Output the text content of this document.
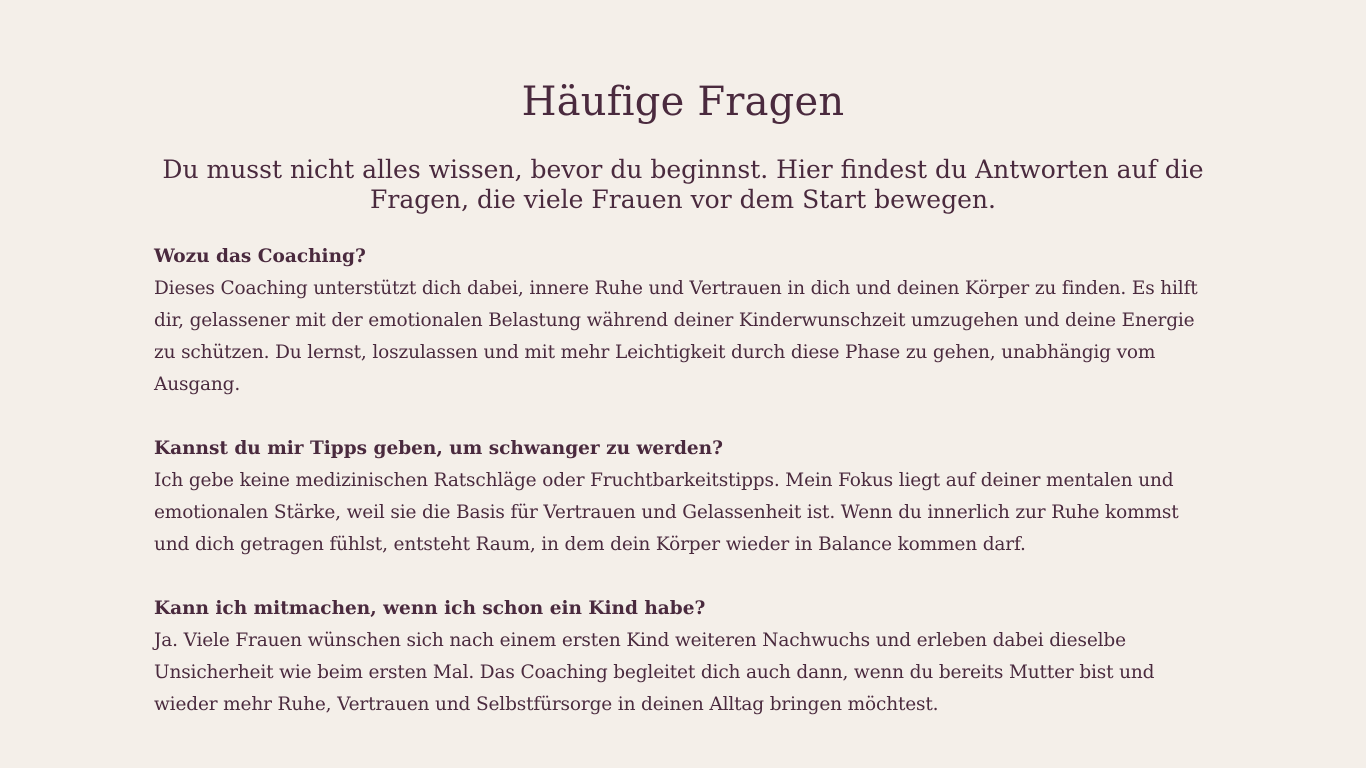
Häufige Fragen

Du musst nicht alles wissen, bevor du beginnst. Hier findest du Antworten auf die Fragen, die viele Frauen vor dem Start bewegen.

Wozu das Coaching?

Dieses Coaching unterstützt dich dabei, innere Ruhe und Vertrauen in dich und deinen Körper zu finden. Es hilft dir, gelassener mit der emotionalen Belastung während deiner Kinderwunschzeit umzugehen und deine Energie zu schützen. Du lernst, loszulassen und mit mehr Leichtigkeit durch diese Phase zu gehen, unabhängig vom Ausgang.

Kannst du mir Tipps geben, um schwanger zu werden?

Ich gebe keine medizinischen Ratschläge oder Fruchtbarkeitstipps. Mein Fokus liegt auf deiner mentalen und emotionalen Stärke, weil sie die Basis für Vertrauen und Gelassenheit ist. Wenn du innerlich zur Ruhe kommst und dich getragen fühlst, entsteht Raum, in dem dein Körper wieder in Balance kommen darf.

Kann ich mitmachen, wenn ich schon ein Kind habe?

Ja. Viele Frauen wünschen sich nach einem ersten Kind weiteren Nachwuchs und erleben dabei dieselbe Unsicherheit wie beim ersten Mal. Das Coaching begleitet dich auch dann, wenn du bereits Mutter bist und wieder mehr Ruhe, Vertrauen und Selbstfürsorge in deinen Alltag bringen möchtest.
